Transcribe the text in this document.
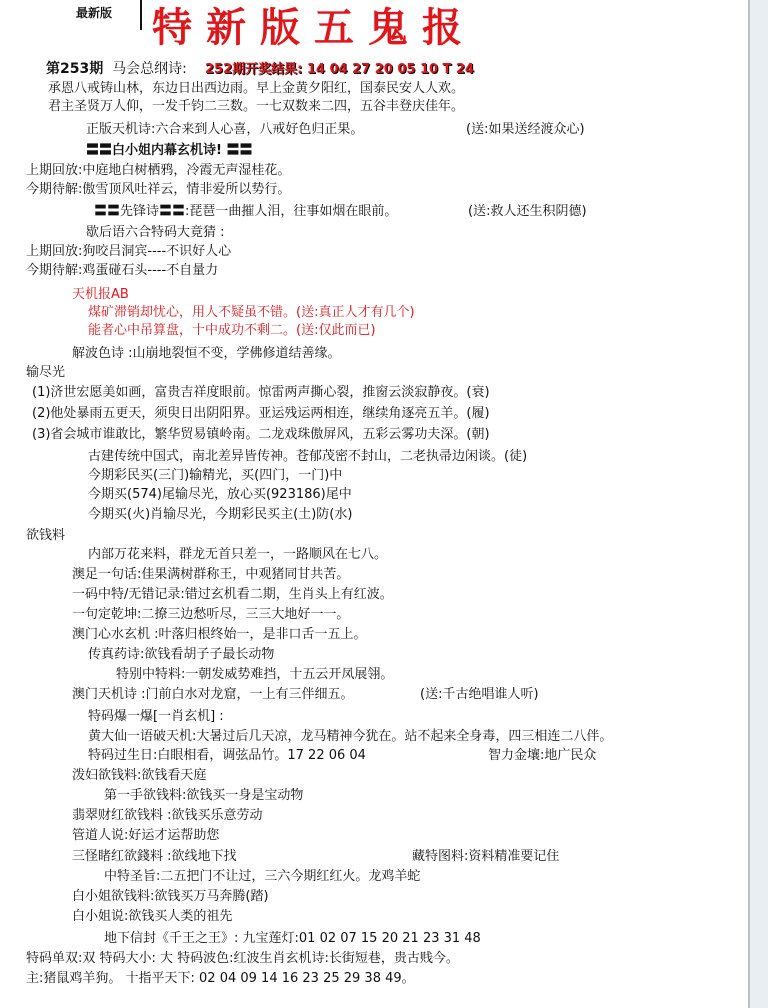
最新版 特新版五鬼报
第253期 马会总纲诗: 252期开奖结果: 14 04 27 20 05 10 T 24
承恩八戒铸山林，东边日出西边雨。早上金黄夕阳红，国泰民安人人欢。
君主圣贤万人仰，一发千钧二三数。一七双数来二四，五谷丰登庆佳年。
正版天机诗:六合来到人心喜，八戒好色归正果。	(送:如果送经渡众心)
〓〓白小姐内幕玄机诗! 〓〓
上期回放:中庭地白树栖鸦，冷霞无声湿桂花。
今期待解:傲雪顶风吐祥云，情非爱所以势行。
〓〓先锋诗〓〓:琵琶一曲摧人泪，往事如烟在眼前。	(送:救人还生积阴德)
歇后语六合特码大竟猜 :
上期回放:狗咬吕洞宾----不识好人心
今期待解:鸡蛋碰石头----不自量力
天机报AB
煤矿滞销却忧心，用人不疑虽不错。(送:真正人才有几个)
能者心中吊算盘，十中成功不剩二。(送:仅此而已)
解波色诗 :山崩地裂恒不变，学佛修道结善缘。
输尽光
(1)济世宏愿美如画，富贵吉祥度眼前。惊雷两声撕心裂，推窗云淡寂静夜。(衰)
(2)他处暴雨五更天，须臾日出阴阳界。亚运残运两相连，继续角逐亮五羊。(履)
(3)省会城市谁敢比，繁华贸易镇岭南。二龙戏珠傲屏风，五彩云雾功夫深。(朝)
古建传统中国式，南北差异皆传神。苍郁茂密不封山，二老执帚边闲谈。(徒)
今期彩民买(三门)输精光，买(四门，一门)中
今期买(574)尾输尽光，放心买(923186)尾中
今期买(火)肖输尽光，今期彩民买主(土)防(水)
欲钱料
内部万花来料，群龙无首只差一，一路顺风在七八。
澳足一句话:佳果满树群称王，中观猪同甘共苦。
一码中特/无错记录:错过玄机看二期，生肖头上有红波。
一句定乾坤:二撩三边愁听尽，三三大地好一一。
澳门心水玄机 :叶落归根终始一，是非口舌一五上。
传真药诗:欲钱看胡子子最长动物
特别中特料:一朝发威势难挡，十五云开凤展翎。
澳门天机诗 :门前白水对龙窟，一上有三伴细五。	(送:千古绝唱谁人听)
特码爆一爆[一肖玄机] :
黄大仙一语破天机:大暑过后几天凉，龙马精神今犹在。站不起来全身毒，四三相连二八伴。
特码过生日:白眼相看，调弦品竹。17 22 06 04	智力金壤:地广民众
泼妇欲钱料:欲钱看天庭
第一手欲钱料:欲钱买一身是宝动物
翡翠财红欲钱料 :欲钱买乐意劳动
管道人说:好运才运帮助您
三怪睹红欲錢料 :欲线地下找	藏特图料:资料精准要记住
中特圣旨:二五把门不让过，三六今期红红火。龙鸡羊蛇
白小姐欲钱料:欲钱买万马奔腾(踏)
白小姐说:欲钱买人类的祖先
地下信封《千王之王》: 九宝莲灯:01 02 07 15 20 21 23 31 48
特码单双:双 特码大小: 大 特码波色:红波生肖玄机诗:长街短巷，贵古贱今。
主:猪鼠鸡羊狗。 十指平天下: 02 04 09 14 16 23 25 29 38 49。
